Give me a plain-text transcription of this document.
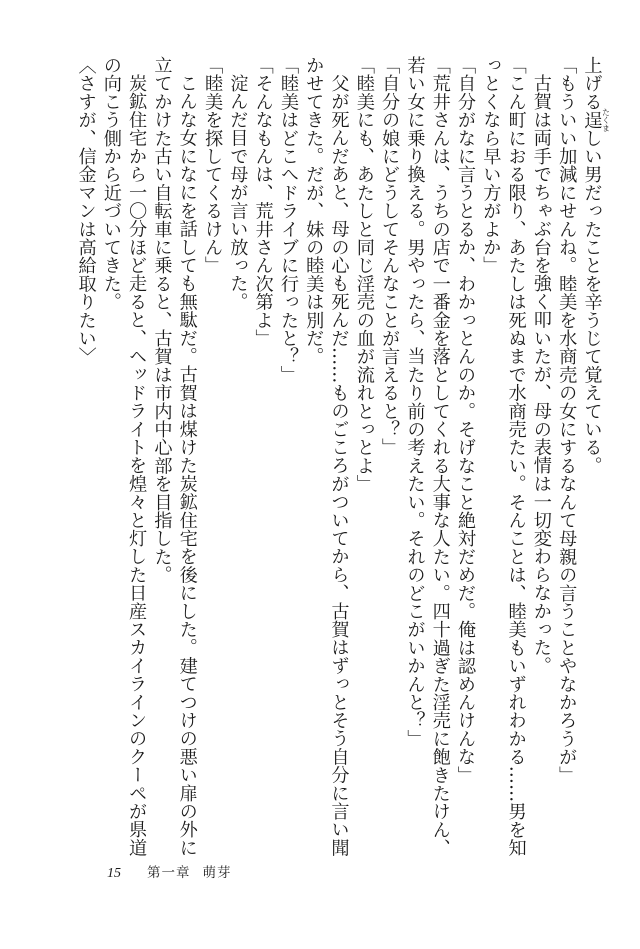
上げる逞 たくましい男だったことを辛うじて覚えている。
「もういい加減にせんね。睦美を水商売の女にするなんて母親の言うことやなかろうが」
古賀は両手でちゃぶ台を強く叩いたが、母の表情は一切変わらなかった。
「こん町におる限り、あたしは死ぬまで水商売たい。そんことは、睦美もいずれわかる……男を知
っとくなら早い方がよか」
「自分がなに言うとるか、わかっとんのか。そげなこと絶対だめだ。俺は認めんけんな」
「荒井さんは、うちの店で一番金を落としてくれる大事な人たい。四十過ぎた淫売に飽きたけん、
若い女に乗り換える。男やったら、当たり前の考えたい。それのどこがいかんと？」
「自分の娘にどうしてそんなことが言えると？」
「睦美にも、あたしと同じ淫売の血が流れとっとよ」
父が死んだあと、母の心も死んだ……ものごころがついてから、古賀はずっとそう自分に言い聞
かせてきた。だが、妹の睦美は別だ。
「睦美はどこへドライブに行ったと？」
「そんなもんは、荒井さん次第よ」
淀んだ目で母が言い放った。
「睦美を探してくるけん」
こんな女になにを話しても無駄だ。古賀は煤けた炭鉱住宅を後にした。建てつけの悪い扉の外に
立てかけた古い自転車に乗ると、古賀は市内中心部を目指した。
炭鉱住宅から一〇分ほど走ると、ヘッドライトを煌々と灯した日産スカイラインのクーペが県道
の向こう側から近づいてきた。
〈さすが、信金マンは高給取りたい〉
15 第一章 萌芽
